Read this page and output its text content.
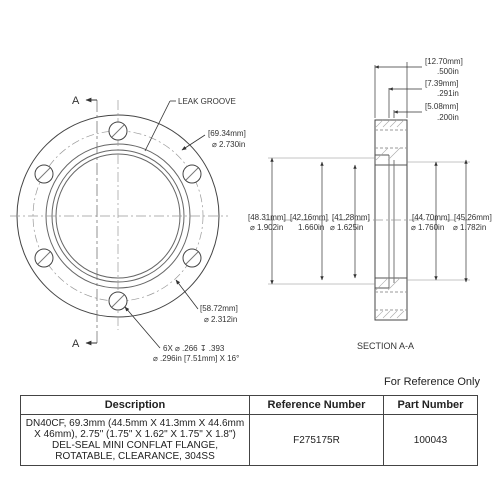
A
A
LEAK GROOVE
[69.34mm]
⌀ 2.730in
[58.72mm]
⌀ 2.312in
6X ⌀ .266 ↧ .393
⌀ .296in [7.51mm] X 16°
[12.70mm]
.500in
[7.39mm]
.291in
[5.08mm]
.200in
[48.31mm]
⌀ 1.902in
[42.16mm]
1.660in
[41.28mm]
⌀ 1.625in
[44.70mm]
⌀ 1.760in
[45.26mm]
⌀ 1.782in
SECTION A-A
For Reference Only
Description	Reference Number	Part Number
DN40CF, 69.3mm (44.5mm X 41.3mm X 44.6mm X 46mm), 2.75" (1.75" X 1.62" X 1.75" X 1.8") DEL-SEAL MINI CONFLAT FLANGE, ROTATABLE, CLEARANCE, 304SS	F275175R	100043
